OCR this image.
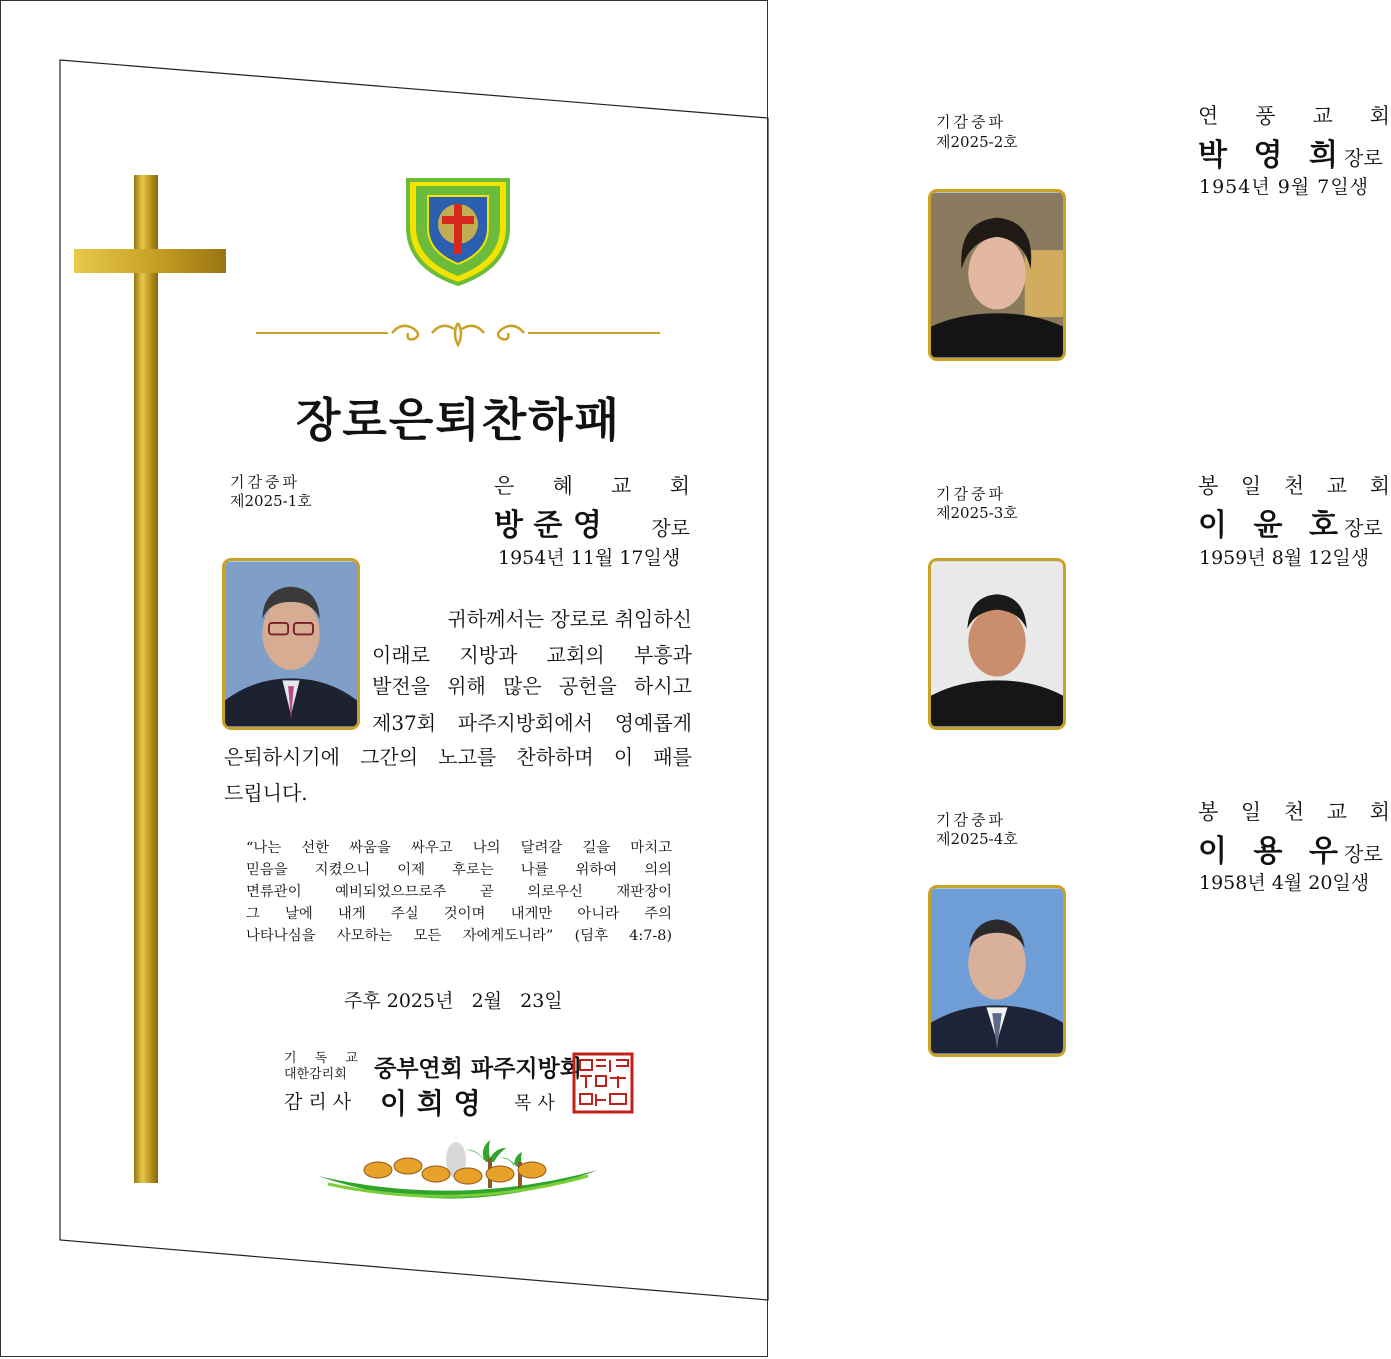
장로은퇴찬하패
기감중파
제2025-1호
은 혜 교 회
방 준 영 장로
1954년 11월 17일생
귀하께서는 장로로 취임하신
이래로 지방과 교회의 부흥과
발전을 위해 많은 공헌을 하시고
제37회 파주지방회에서 영예롭게
은퇴하시기에 그간의 노고를 찬하하며 이 패를
드립니다.
“나는 선한 싸움을 싸우고 나의 달려갈 길을 마치고
믿음을 지켰으니 이제 후로는 나를 위하여 의의
면류관이 예비되었으므로주 곧 의로우신 재판장이
그 날에 내게 주실 것이며 내게만 아니라 주의
나타나심을 사모하는 모든 자에게도니라” (딤후 4:7-8)
주후 2025년   2월   23일
기 독 교
대한감리회 중부연회 파주지방회
감리사 이 희 영 목사
기감중파
제2025-2호
연 풍 교 회
박 영 희 장로
1954년 9월 7일생
기감중파
제2025-3호
봉 일 천 교 회
이 윤 호 장로
1959년 8월 12일생
기감중파
제2025-4호
봉 일 천 교 회
이 용 우 장로
1958년 4월 20일생
